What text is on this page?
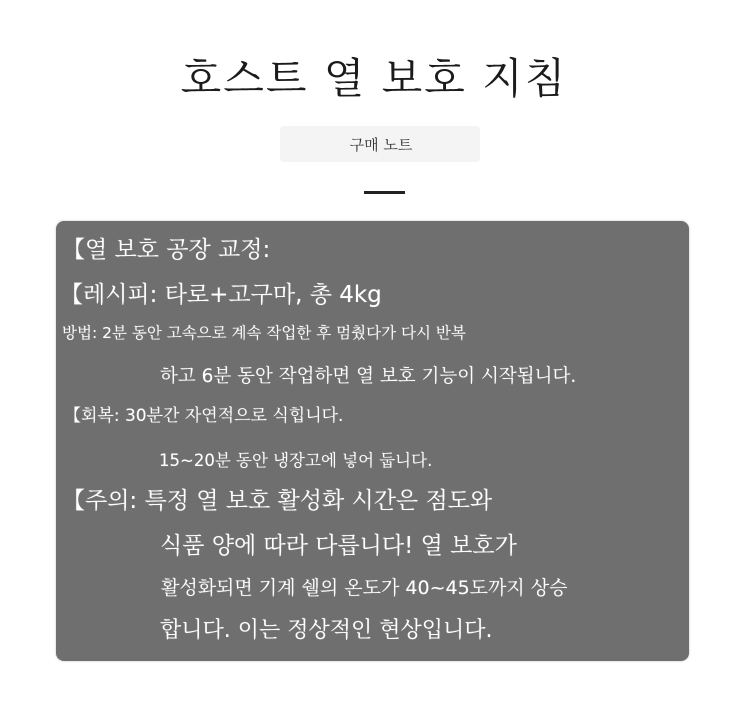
호스트 열 보호 지침
구매 노트
【열 보호 공장 교정:
【레시피: 타로+고구마, 총 4kg
방법: 2분 동안 고속으로 계속 작업한 후 멈췄다가 다시 반복
하고 6분 동안 작업하면 열 보호 기능이 시작됩니다.
【회복: 30분간 자연적으로 식힙니다.
15~20분 동안 냉장고에 넣어 둡니다.
【주의: 특정 열 보호 활성화 시간은 점도와
식품 양에 따라 다릅니다! 열 보호가
활성화되면 기계 쉘의 온도가 40~45도까지 상승
합니다. 이는 정상적인 현상입니다.
